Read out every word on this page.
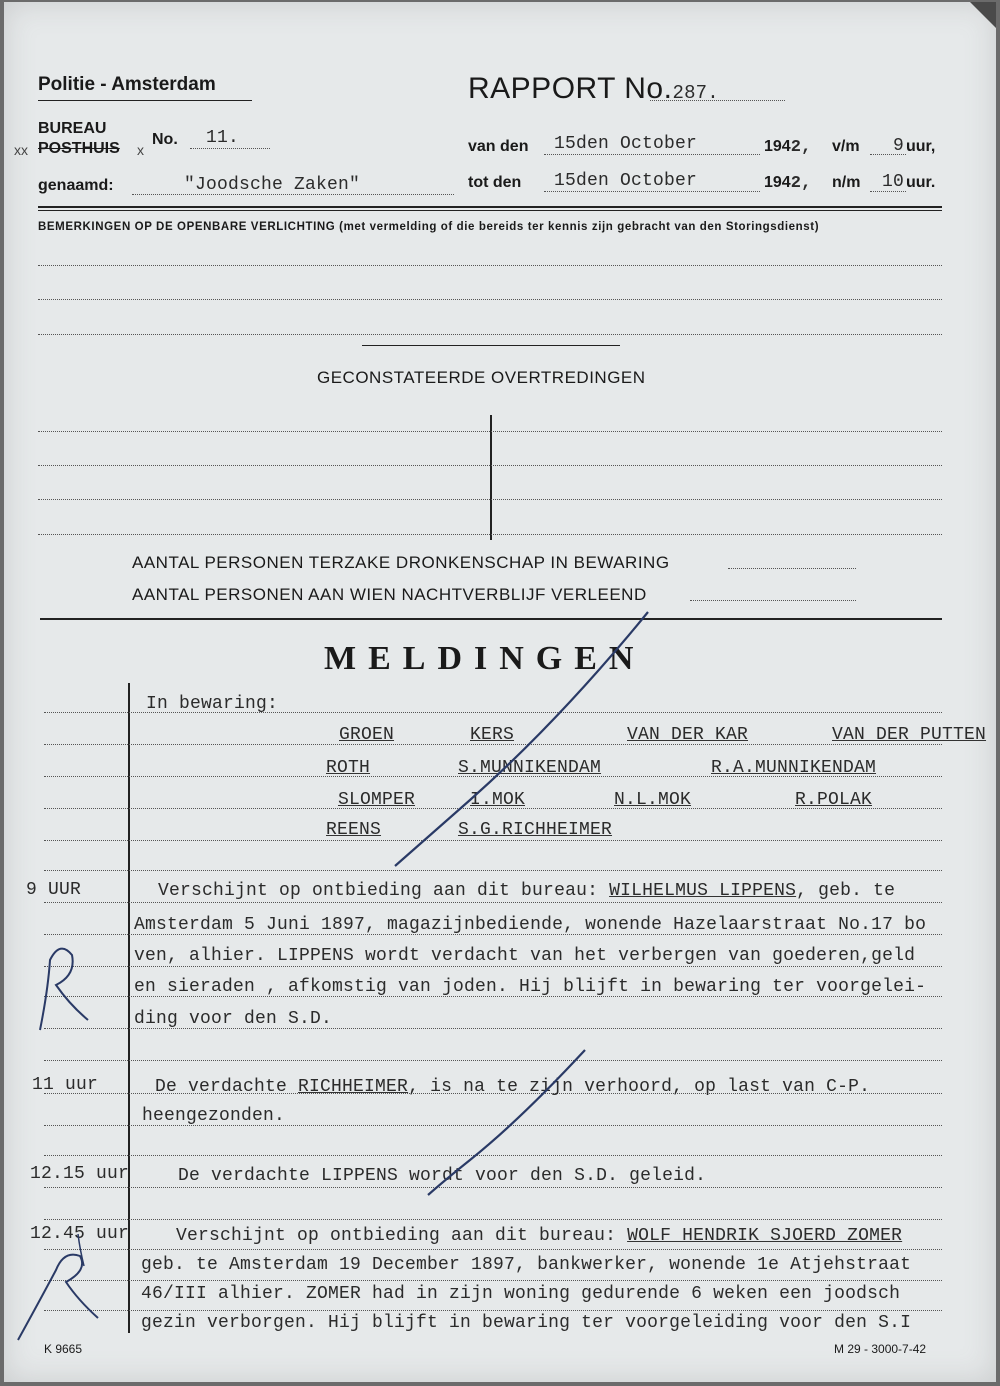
Politie - Amsterdam	RAPPORT No.287.
BUREAU
xx POSTHUIS x
No. 11.
genaamd:	"Joodsche Zaken"
van den 15den October	1942, v/m 9 uur,
tot den 15den October	1942, n/m 10 uur.
BEMERKINGEN OP DE OPENBARE VERLICHTING (met vermelding of die bereids ter kennis zijn gebracht van den Storingsdienst)
GECONSTATEERDE OVERTREDINGEN
AANTAL PERSONEN TERZAKE DRONKENSCHAP IN BEWARING
AANTAL PERSONEN AAN WIEN NACHTVERBLIJF VERLEEND
MELDINGEN
In bewaring:
GROEN	KERS	VAN DER KAR	VAN DER PUTTEN
ROTH	S.MUNNIKENDAM	R.A.MUNNIKENDAM
SLOMPER	I.MOK	N.L.MOK	R.POLAK
REENS	S.G.RICHHEIMER
9 UUR	Verschijnt op ontbieding aan dit bureau: WILHELMUS LIPPENS, geb. te
Amsterdam 5 Juni 1897, magazijnbediende, wonende Hazelaarstraat No.17 bo
ven, alhier. LIPPENS wordt verdacht van het verbergen van goederen,geld
en sieraden , afkomstig van joden. Hij blijft in bewaring ter voorgelei-
ding voor den S.D.
11 uur	De verdachte RICHHEIMER, is na te zijn verhoord, op last van C-P.
heengezonden.
12.15 uur	De verdachte LIPPENS wordt voor den S.D. geleid.
12.45 uur	Verschijnt op ontbieding aan dit bureau: WOLF HENDRIK SJOERD ZOMER
geb. te Amsterdam 19 December 1897, bankwerker, wonende 1e Atjehstraat
46/III alhier. ZOMER had in zijn woning gedurende 6 weken een joodsch
gezin verborgen. Hij blijft in bewaring ter voorgeleiding voor den S.I
K 9665	M 29 - 3000-7-42
